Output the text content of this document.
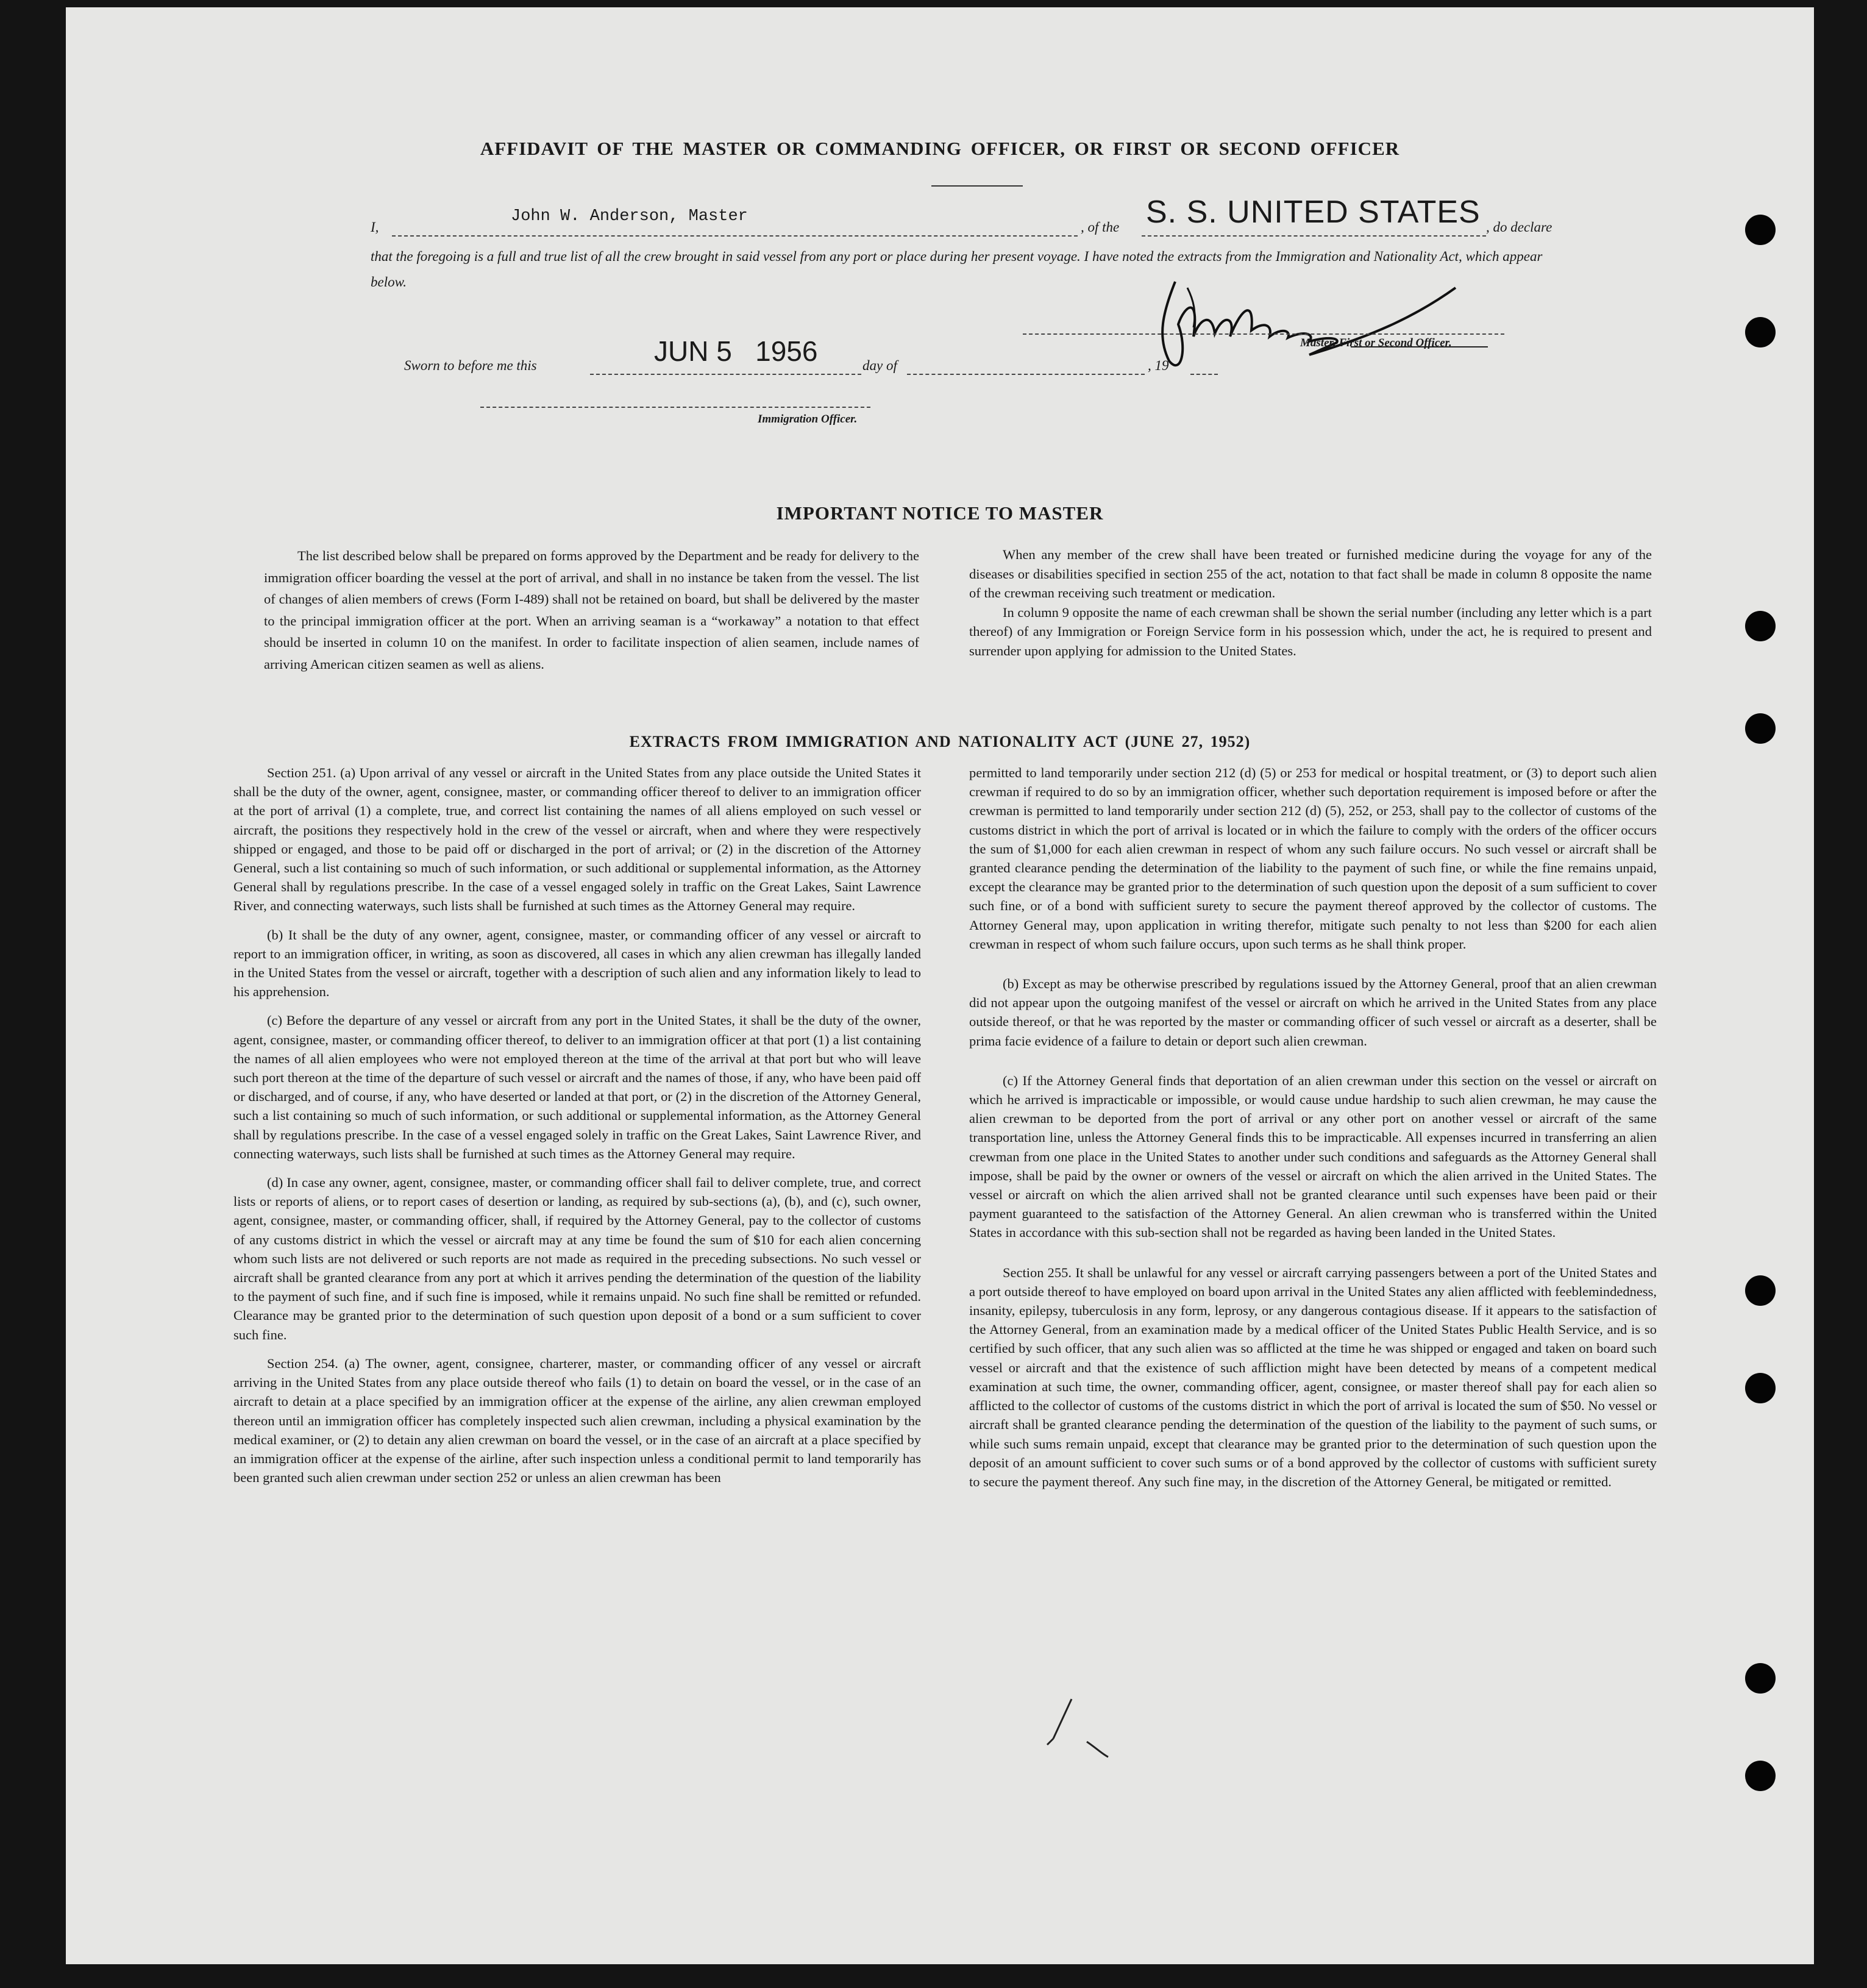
AFFIDAVIT OF THE MASTER OR COMMANDING OFFICER, OR FIRST OR SECOND OFFICER
I,
John W. Anderson, Master
, of the S. S. UNITED STATES , do declare
that the foregoing is a full and true list of all the crew brought in said vessel from any port or place during her present voyage. I have noted the extracts from the Immigration and Nationality Act, which appear below.
Master, First or Second Officer.
Sworn to before me this	JUN 5   1956	day of	, 19
Immigration Officer.
IMPORTANT NOTICE TO MASTER

The list described below shall be prepared on forms approved by the Department and be ready for delivery to the immigration officer boarding the vessel at the port of arrival, and shall in no instance be taken from the vessel. The list of changes of alien members of crews (Form I-489) shall not be retained on board, but shall be delivered by the master to the principal immigration officer at the port. When an arriving seaman is a “workaway” a notation to that effect should be inserted in column 10 on the manifest. In order to facilitate inspection of alien seamen, include names of arriving American citizen seamen as well as aliens.

When any member of the crew shall have been treated or furnished medicine during the voyage for any of the diseases or disabilities specified in section 255 of the act, notation to that fact shall be made in column 8 opposite the name of the crewman receiving such treatment or medication.

In column 9 opposite the name of each crewman shall be shown the serial number (including any letter which is a part thereof) of any Immigration or Foreign Service form in his possession which, under the act, he is required to present and surrender upon applying for admission to the United States.

EXTRACTS FROM IMMIGRATION AND NATIONALITY ACT (JUNE 27, 1952)

Section 251. (a) Upon arrival of any vessel or aircraft in the United States from any place outside the United States it shall be the duty of the owner, agent, consignee, master, or commanding officer thereof to deliver to an immigration officer at the port of arrival (1) a complete, true, and correct list containing the names of all aliens employed on such vessel or aircraft, the positions they respectively hold in the crew of the vessel or aircraft, when and where they were respectively shipped or engaged, and those to be paid off or discharged in the port of arrival; or (2) in the discretion of the Attorney General, such a list containing so much of such information, or such additional or supplemental information, as the Attorney General shall by regulations prescribe. In the case of a vessel engaged solely in traffic on the Great Lakes, Saint Lawrence River, and connecting waterways, such lists shall be furnished at such times as the Attorney General may require.

(b) It shall be the duty of any owner, agent, consignee, master, or commanding officer of any vessel or aircraft to report to an immigration officer, in writing, as soon as discovered, all cases in which any alien crewman has illegally landed in the United States from the vessel or aircraft, together with a description of such alien and any information likely to lead to his apprehension.

(c) Before the departure of any vessel or aircraft from any port in the United States, it shall be the duty of the owner, agent, consignee, master, or commanding officer thereof, to deliver to an immigration officer at that port (1) a list containing the names of all alien employees who were not employed thereon at the time of the arrival at that port but who will leave such port thereon at the time of the departure of such vessel or aircraft and the names of those, if any, who have been paid off or discharged, and of course, if any, who have deserted or landed at that port, or (2) in the discretion of the Attorney General, such a list containing so much of such information, or such additional or supplemental information, as the Attorney General shall by regulations prescribe. In the case of a vessel engaged solely in traffic on the Great Lakes, Saint Lawrence River, and connecting waterways, such lists shall be furnished at such times as the Attorney General may require.

(d) In case any owner, agent, consignee, master, or commanding officer shall fail to deliver complete, true, and correct lists or reports of aliens, or to report cases of desertion or landing, as required by sub-sections (a), (b), and (c), such owner, agent, consignee, master, or commanding officer, shall, if required by the Attorney General, pay to the collector of customs of any customs district in which the vessel or aircraft may at any time be found the sum of $10 for each alien concerning whom such lists are not delivered or such reports are not made as required in the preceding subsections. No such vessel or aircraft shall be granted clearance from any port at which it arrives pending the determination of the question of the liability to the payment of such fine, and if such fine is imposed, while it remains unpaid. No such fine shall be remitted or refunded. Clearance may be granted prior to the determination of such question upon deposit of a bond or a sum sufficient to cover such fine.

Section 254. (a) The owner, agent, consignee, charterer, master, or commanding officer of any vessel or aircraft arriving in the United States from any place outside thereof who fails (1) to detain on board the vessel, or in the case of an aircraft to detain at a place specified by an immigration officer at the expense of the airline, any alien crewman employed thereon until an immigration officer has completely inspected such alien crewman, including a physical examination by the medical examiner, or (2) to detain any alien crewman on board the vessel, or in the case of an aircraft at a place specified by an immigration officer at the expense of the airline, after such inspection unless a conditional permit to land temporarily has been granted such alien crewman under section 252 or unless an alien crewman has been

permitted to land temporarily under section 212 (d) (5) or 253 for medical or hospital treatment, or (3) to deport such alien crewman if required to do so by an immigration officer, whether such deportation requirement is imposed before or after the crewman is permitted to land temporarily under section 212 (d) (5), 252, or 253, shall pay to the collector of customs of the customs district in which the port of arrival is located or in which the failure to comply with the orders of the officer occurs the sum of $1,000 for each alien crewman in respect of whom any such failure occurs. No such vessel or aircraft shall be granted clearance pending the determination of the liability to the payment of such fine, or while the fine remains unpaid, except the clearance may be granted prior to the determination of such question upon the deposit of a sum sufficient to cover such fine, or of a bond with sufficient surety to secure the payment thereof approved by the collector of customs. The Attorney General may, upon application in writing therefor, mitigate such penalty to not less than $200 for each alien crewman in respect of whom such failure occurs, upon such terms as he shall think proper.

(b) Except as may be otherwise prescribed by regulations issued by the Attorney General, proof that an alien crewman did not appear upon the outgoing manifest of the vessel or aircraft on which he arrived in the United States from any place outside thereof, or that he was reported by the master or commanding officer of such vessel or aircraft as a deserter, shall be prima facie evidence of a failure to detain or deport such alien crewman.

(c) If the Attorney General finds that deportation of an alien crewman under this section on the vessel or aircraft on which he arrived is impracticable or impossible, or would cause undue hardship to such alien crewman, he may cause the alien crewman to be deported from the port of arrival or any other port on another vessel or aircraft of the same transportation line, unless the Attorney General finds this to be impracticable. All expenses incurred in transferring an alien crewman from one place in the United States to another under such conditions and safeguards as the Attorney General shall impose, shall be paid by the owner or owners of the vessel or aircraft on which the alien arrived in the United States. The vessel or aircraft on which the alien arrived shall not be granted clearance until such expenses have been paid or their payment guaranteed to the satisfaction of the Attorney General. An alien crewman who is transferred within the United States in accordance with this sub-section shall not be regarded as having been landed in the United States.

Section 255. It shall be unlawful for any vessel or aircraft carrying passengers between a port of the United States and a port outside thereof to have employed on board upon arrival in the United States any alien afflicted with feeblemindedness, insanity, epilepsy, tuberculosis in any form, leprosy, or any dangerous contagious disease. If it appears to the satisfaction of the Attorney General, from an examination made by a medical officer of the United States Public Health Service, and is so certified by such officer, that any such alien was so afflicted at the time he was shipped or engaged and taken on board such vessel or aircraft and that the existence of such affliction might have been detected by means of a competent medical examination at such time, the owner, commanding officer, agent, consignee, or master thereof shall pay for each alien so afflicted to the collector of customs of the customs district in which the port of arrival is located the sum of $50. No vessel or aircraft shall be granted clearance pending the determination of the question of the liability to the payment of such sums, or while such sums remain unpaid, except that clearance may be granted prior to the determination of such question upon the deposit of an amount sufficient to cover such sums or of a bond approved by the collector of customs with sufficient surety to secure the payment thereof. Any such fine may, in the discretion of the Attorney General, be mitigated or remitted.
